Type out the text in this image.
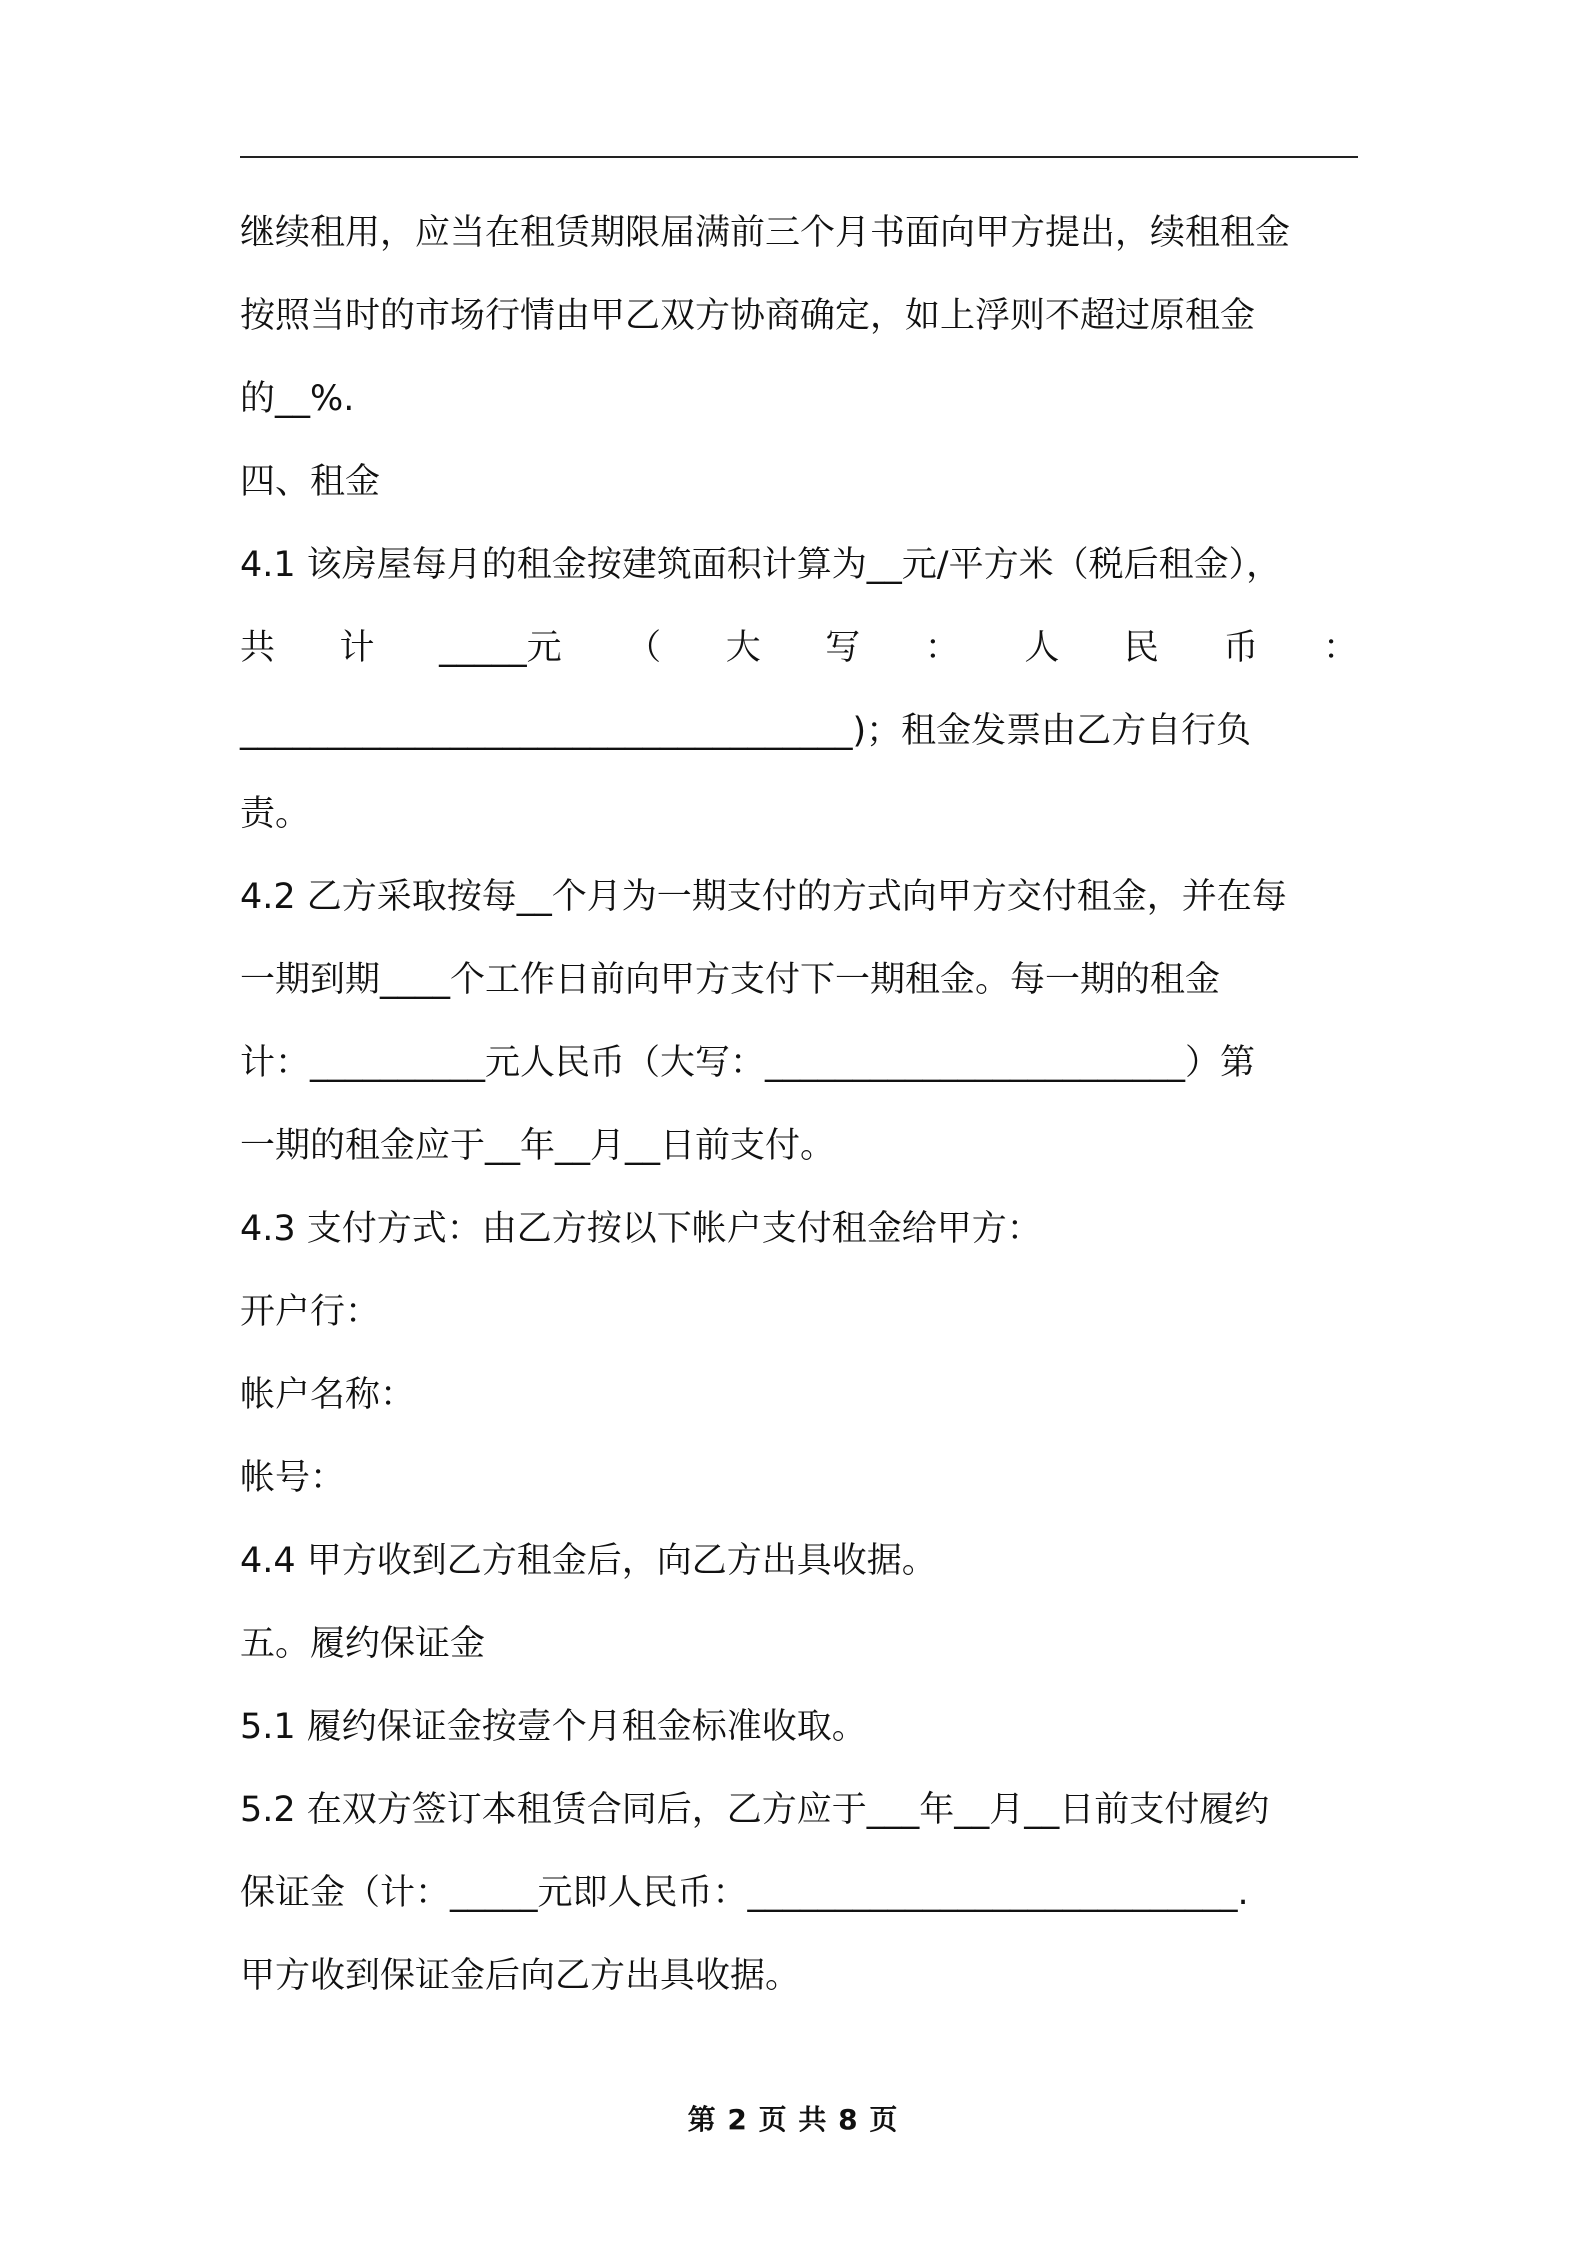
继续租用，应当在租赁期限届满前三个月书面向甲方提出，续租租金
按照当时的市场行情由甲乙双方协商确定，如上浮则不超过原租金
的__%.
四、租金
4.1 该房屋每月的租金按建筑面积计算为__元/平方米（税后租金），
共 计 _____元 （ 大 写 ： 人 民 币 ：
___________________________________)；租金发票由乙方自行负
责。
4.2 乙方采取按每__个月为一期支付的方式向甲方交付租金，并在每
一期到期____个工作日前向甲方支付下一期租金。每一期的租金
计：__________元人民币（大写：________________________）第
一期的租金应于__年__月__日前支付。
4.3 支付方式：由乙方按以下帐户支付租金给甲方：
开户行：
帐户名称：
帐号：
4.4 甲方收到乙方租金后，向乙方出具收据。
五。履约保证金
5.1 履约保证金按壹个月租金标准收取。
5.2 在双方签订本租赁合同后，乙方应于___年__月__日前支付履约
保证金（计：_____元即人民币：____________________________.
甲方收到保证金后向乙方出具收据。
第 2 页 共 8 页
